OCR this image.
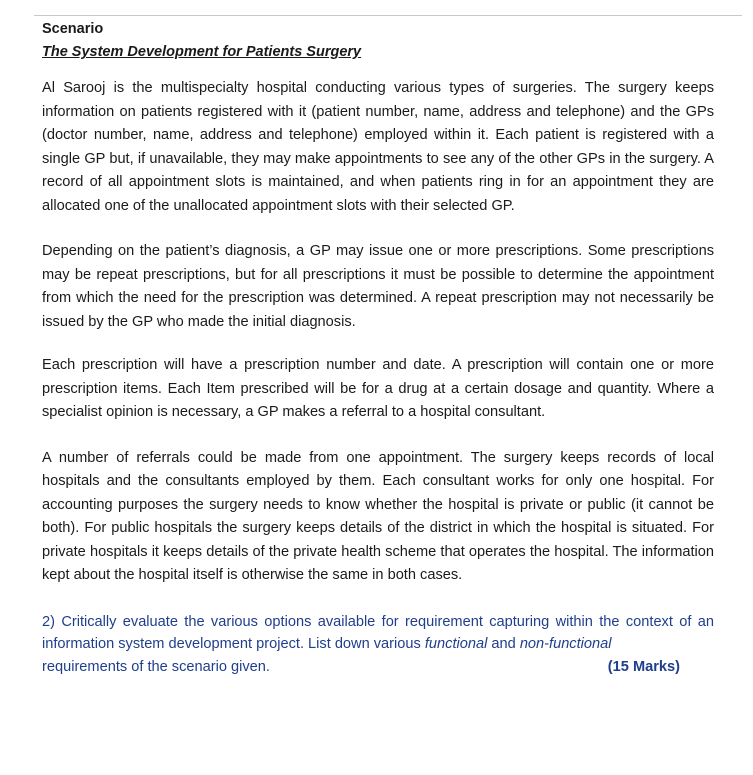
Scenario

The System Development for Patients Surgery

Al Sarooj is the multispecialty hospital conducting various types of surgeries. The surgery keeps information on patients registered with it (patient number, name, address and telephone) and the GPs (doctor number, name, address and telephone) employed within it. Each patient is registered with a single GP but, if unavailable, they may make appointments to see any of the other GPs in the surgery. A record of all appointment slots is maintained, and when patients ring in for an appointment they are allocated one of the unallocated appointment slots with their selected GP.

Depending on the patient’s diagnosis, a GP may issue one or more prescriptions. Some prescriptions may be repeat prescriptions, but for all prescriptions it must be possible to determine the appointment from which the need for the prescription was determined. A repeat prescription may not necessarily be issued by the GP who made the initial diagnosis.

Each prescription will have a prescription number and date. A prescription will contain one or more prescription items. Each Item prescribed will be for a drug at a certain dosage and quantity. Where a specialist opinion is necessary, a GP makes a referral to a hospital consultant.

A number of referrals could be made from one appointment. The surgery keeps records of local hospitals and the consultants employed by them. Each consultant works for only one hospital. For accounting purposes the surgery needs to know whether the hospital is private or public (it cannot be both). For public hospitals the surgery keeps details of the district in which the hospital is situated. For private hospitals it keeps details of the private health scheme that operates the hospital. The information kept about the hospital itself is otherwise the same in both cases.

2) Critically evaluate the various options available for requirement capturing within the context of an information system development project. List down various functional and non-functional
requirements of the scenario given.	(15 Marks)
